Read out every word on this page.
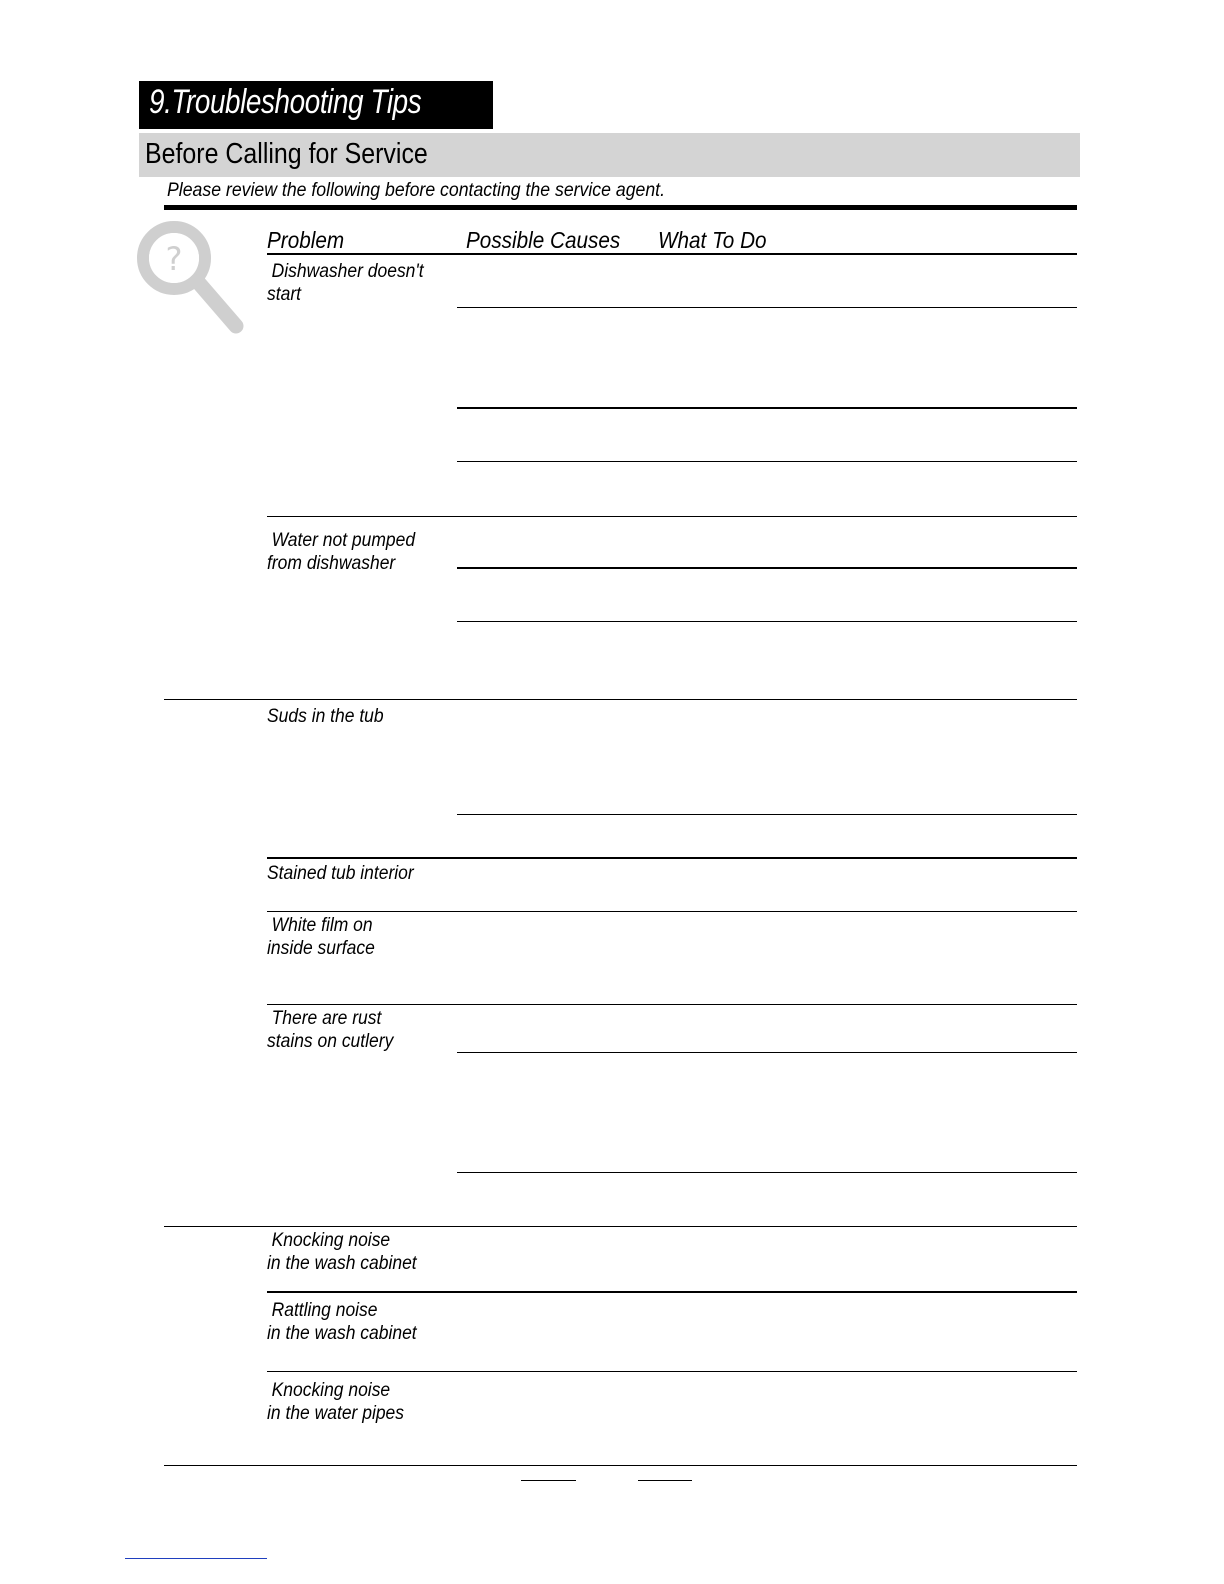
9.Troubleshooting Tips
Before Calling for Service
Please review the following before contacting the service agent.
?	Problem	Possible Causes What To Do
Dishwasher doesn't
start
Water not pumped
from dishwasher
Suds in the tub
Stained tub interior
White film on
inside surface
There are rust
stains on cutlery
Knocking noise
in the wash cabinet
Rattling noise
in the wash cabinet
Knocking noise
in the water pipes
